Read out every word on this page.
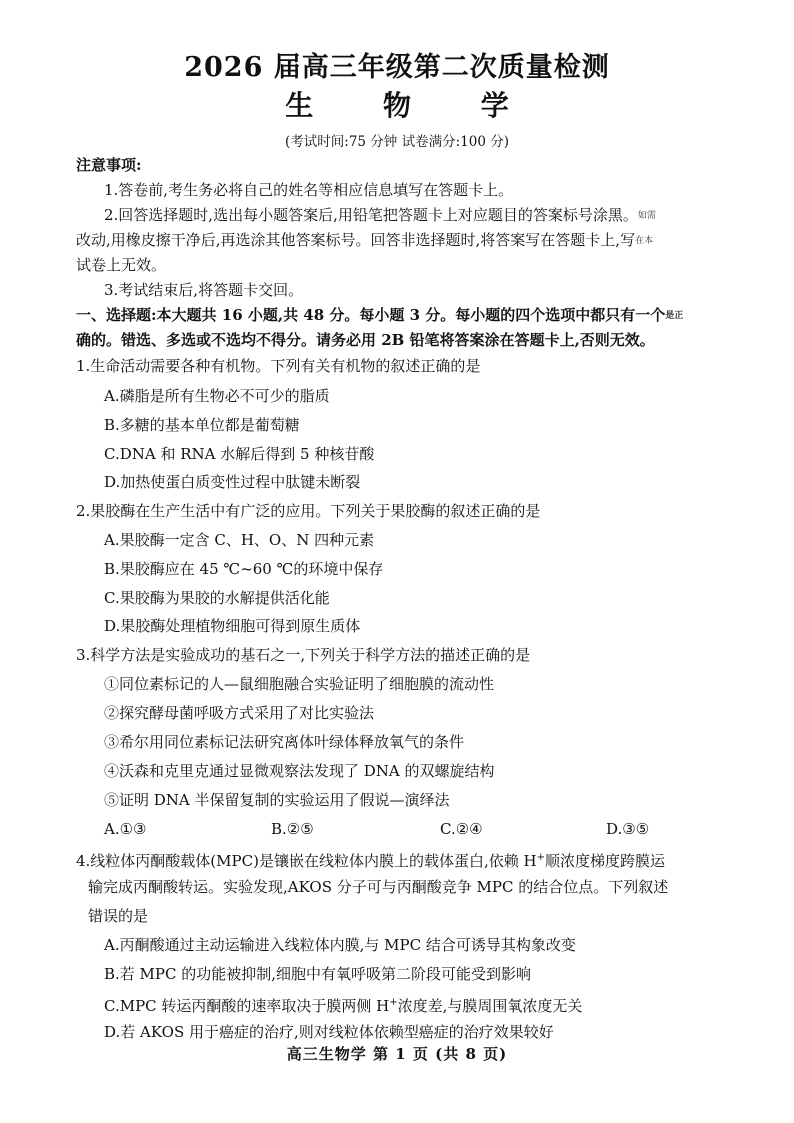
2026 届高三年级第二次质量检测
生 物 学
(考试时间:75 分钟 试卷满分:100 分)
注意事项:
1.答卷前,考生务必将自己的姓名等相应信息填写在答题卡上。
2.回答选择题时,选出每小题答案后,用铅笔把答题卡上对应题目的答案标号涂黑。如需
改动,用橡皮擦干净后,再选涂其他答案标号。回答非选择题时,将答案写在答题卡上,写在本
试卷上无效。
3.考试结束后,将答题卡交回。
一、选择题:本大题共 16 小题,共 48 分。每小题 3 分。每小题的四个选项中都只有一个是正
确的。错选、多选或不选均不得分。请务必用 2B 铅笔将答案涂在答题卡上,否则无效。
1.生命活动需要各种有机物。下列有关有机物的叙述正确的是
A.磷脂是所有生物必不可少的脂质
B.多糖的基本单位都是葡萄糖
C.DNA 和 RNA 水解后得到 5 种核苷酸
D.加热使蛋白质变性过程中肽键未断裂
2.果胶酶在生产生活中有广泛的应用。下列关于果胶酶的叙述正确的是
A.果胶酶一定含 C、H、O、N 四种元素
B.果胶酶应在 45 ℃~60 ℃的环境中保存
C.果胶酶为果胶的水解提供活化能
D.果胶酶处理植物细胞可得到原生质体
3.科学方法是实验成功的基石之一,下列关于科学方法的描述正确的是
①同位素标记的人—鼠细胞融合实验证明了细胞膜的流动性
②探究酵母菌呼吸方式采用了对比实验法
③希尔用同位素标记法研究离体叶绿体释放氧气的条件
④沃森和克里克通过显微观察法发现了 DNA 的双螺旋结构
⑤证明 DNA 半保留复制的实验运用了假说—演绎法
A.①③	B.②⑤	C.②④	D.③⑤
4.线粒体丙酮酸载体(MPC)是镶嵌在线粒体内膜上的载体蛋白,依赖 H+顺浓度梯度跨膜运
输完成丙酮酸转运。实验发现,AKOS 分子可与丙酮酸竞争 MPC 的结合位点。下列叙述
错误的是
A.丙酮酸通过主动运输进入线粒体内膜,与 MPC 结合可诱导其构象改变
B.若 MPC 的功能被抑制,细胞中有氧呼吸第二阶段可能受到影响
C.MPC 转运丙酮酸的速率取决于膜两侧 H+浓度差,与膜周围氧浓度无关
D.若 AKOS 用于癌症的治疗,则对线粒体依赖型癌症的治疗效果较好
高三生物学 第 1 页 (共 8 页)
